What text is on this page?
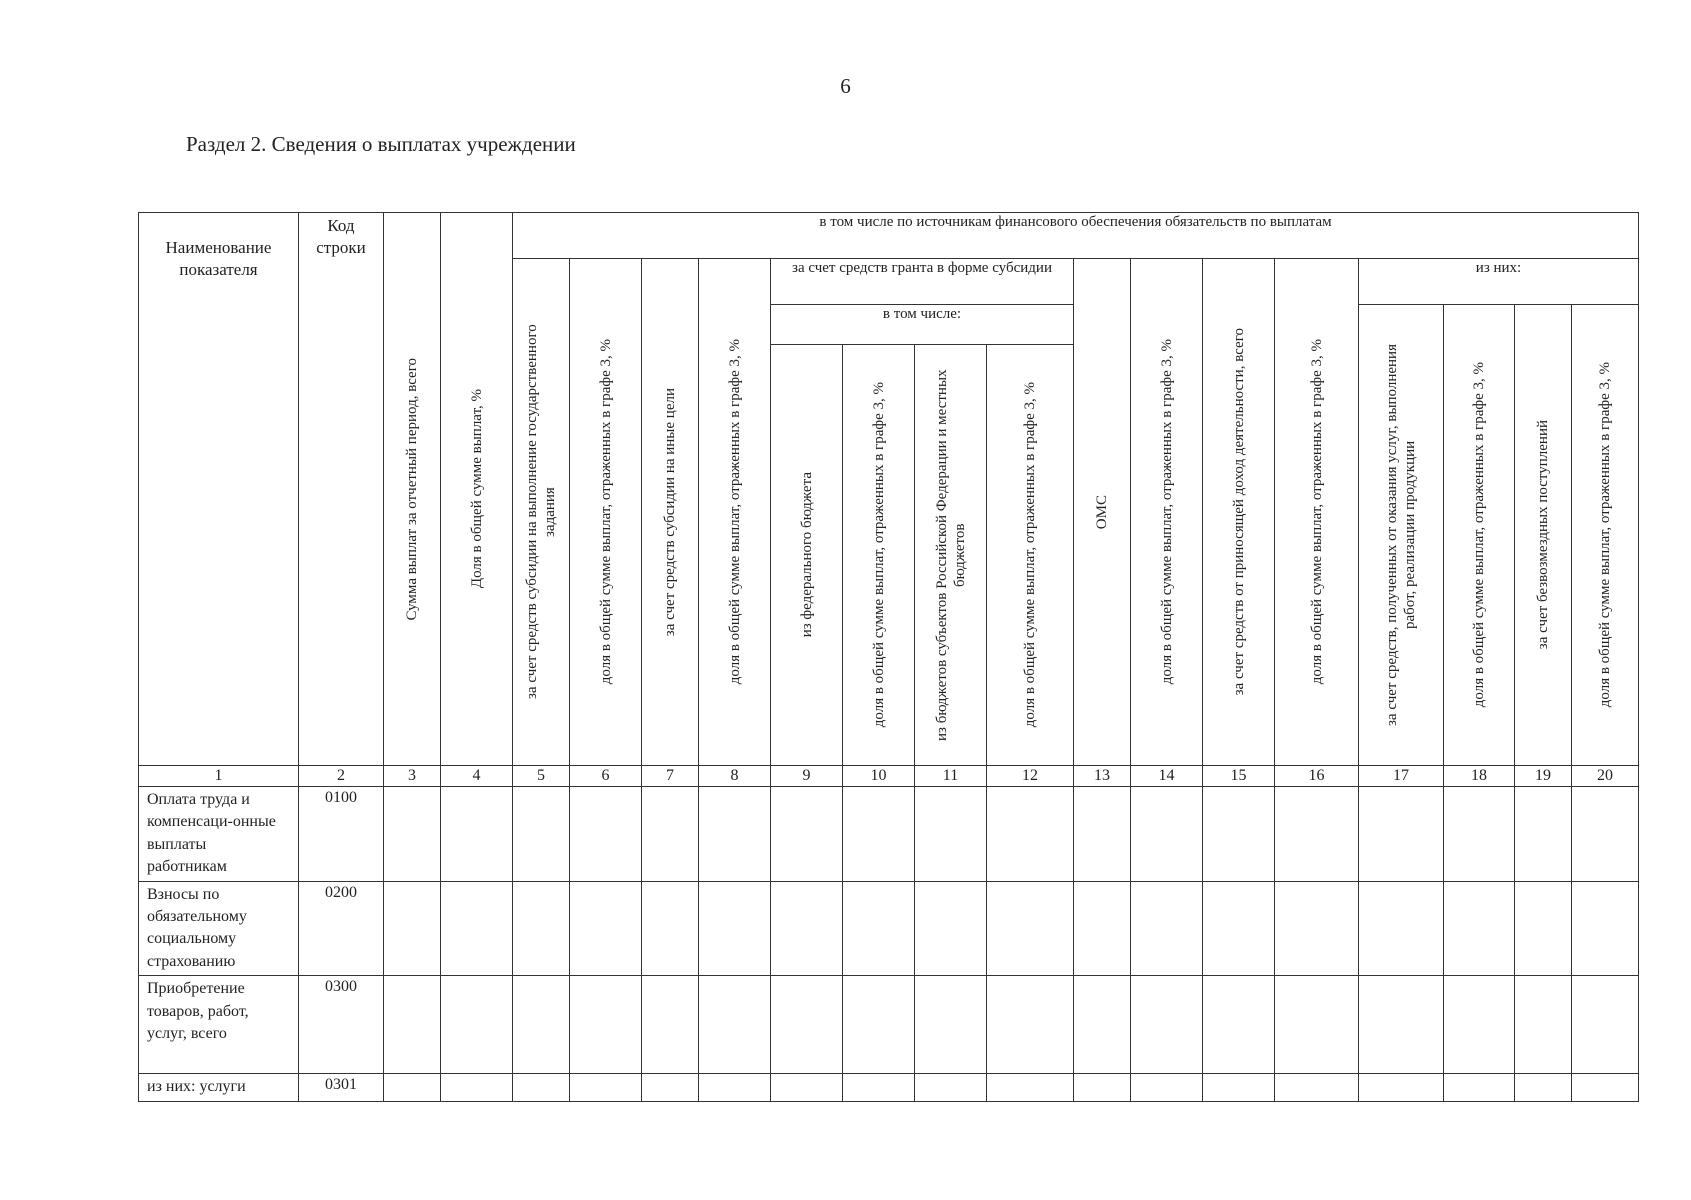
6
Раздел 2. Сведения о выплатах учреждении
Наименование показателя	Код строки	Сумма выплат за отчетный период, всего	Доля в общей сумме выплат, %	в том числе по источникам финансового обеспечения обязательств по выплатам															

				за счет средств субсидии на выполнение государственного задания	доля в общей сумме выплат, отраженных в графе 3, %	за счет средств субсидии на иные цели	доля в общей сумме выплат, отраженных в графе 3, %	за счет средств гранта в форме субсидии				ОМС	доля в общей сумме выплат, отраженных в графе 3, %	за счет средств от приносящей доход деятельности, всего	доля в общей сумме выплат, отраженных в графе 3, %	из них:			
								в том числе:								за счет средств, полученных от оказания услуг, выполнения работ, реализации продукции	доля в общей сумме выплат, отраженных в графе 3, %	за счет безвозмездных поступлений	доля в общей сумме выплат, отраженных в графе 3, %

								из федерального бюджета	доля в общей сумме выплат, отраженных в графе 3, %	из бюджетов субъектов Российской Федерации и местных бюджетов	доля в общей сумме выплат, отраженных в графе 3, %								

1	2	3	4	5	6	7	8	9	10	11	12	13	14	15	16	17	18	19	20
Оплата труда и компенсаци-онные выплаты работникам	0100																		
Взносы по обязательному социальному страхованию	0200																		
Приобретение товаров, работ, услуг, всего	0300																		
из них: услуги	0301																		
